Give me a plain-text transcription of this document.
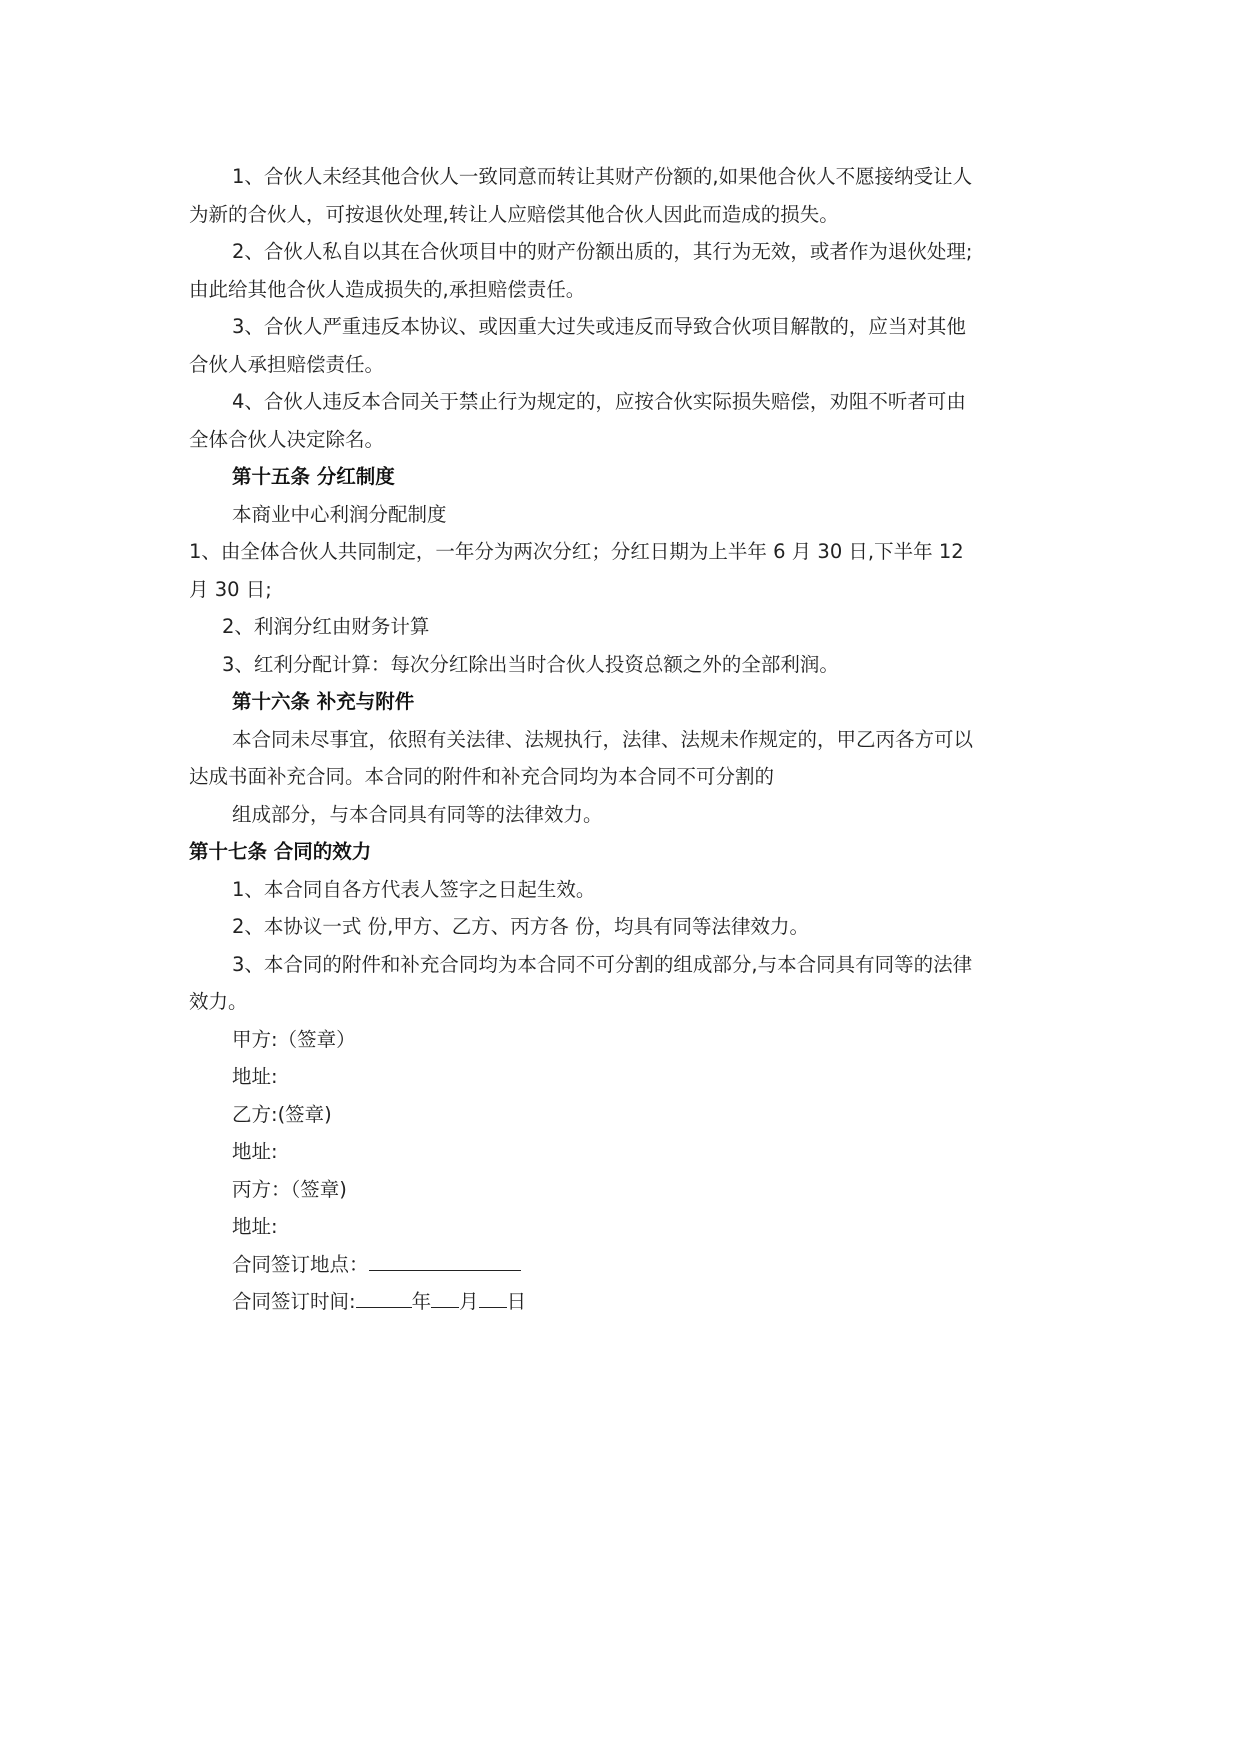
1、合伙人未经其他合伙人一致同意而转让其财产份额的,如果他合伙人不愿接纳受让人

为新的合伙人，可按退伙处理,转让人应赔偿其他合伙人因此而造成的损失。

2、合伙人私自以其在合伙项目中的财产份额出质的，其行为无效，或者作为退伙处理;

由此给其他合伙人造成损失的,承担赔偿责任。

3、合伙人严重违反本协议、或因重大过失或违反而导致合伙项目解散的，应当对其他

合伙人承担赔偿责任。

4、合伙人违反本合同关于禁止行为规定的，应按合伙实际损失赔偿，劝阻不听者可由

全体合伙人决定除名。

第十五条 分红制度

本商业中心利润分配制度

1、由全体合伙人共同制定，一年分为两次分红；分红日期为上半年 6 月 30 日,下半年 12

月 30 日;

2、利润分红由财务计算

3、红利分配计算：每次分红除出当时合伙人投资总额之外的全部利润。

第十六条 补充与附件

本合同未尽事宜，依照有关法律、法规执行，法律、法规未作规定的，甲乙丙各方可以

达成书面补充合同。本合同的附件和补充合同均为本合同不可分割的

组成部分，与本合同具有同等的法律效力。

第十七条 合同的效力

1、本合同自各方代表人签字之日起生效。

2、本协议一式 份,甲方、乙方、丙方各 份，均具有同等法律效力。

3、本合同的附件和补充合同均为本合同不可分割的组成部分,与本合同具有同等的法律

效力。

甲方:（签章）

地址:

乙方:(签章)

地址:

丙方：（签章)

地址:

合同签订地点：

合同签订时间:	年 月 日
